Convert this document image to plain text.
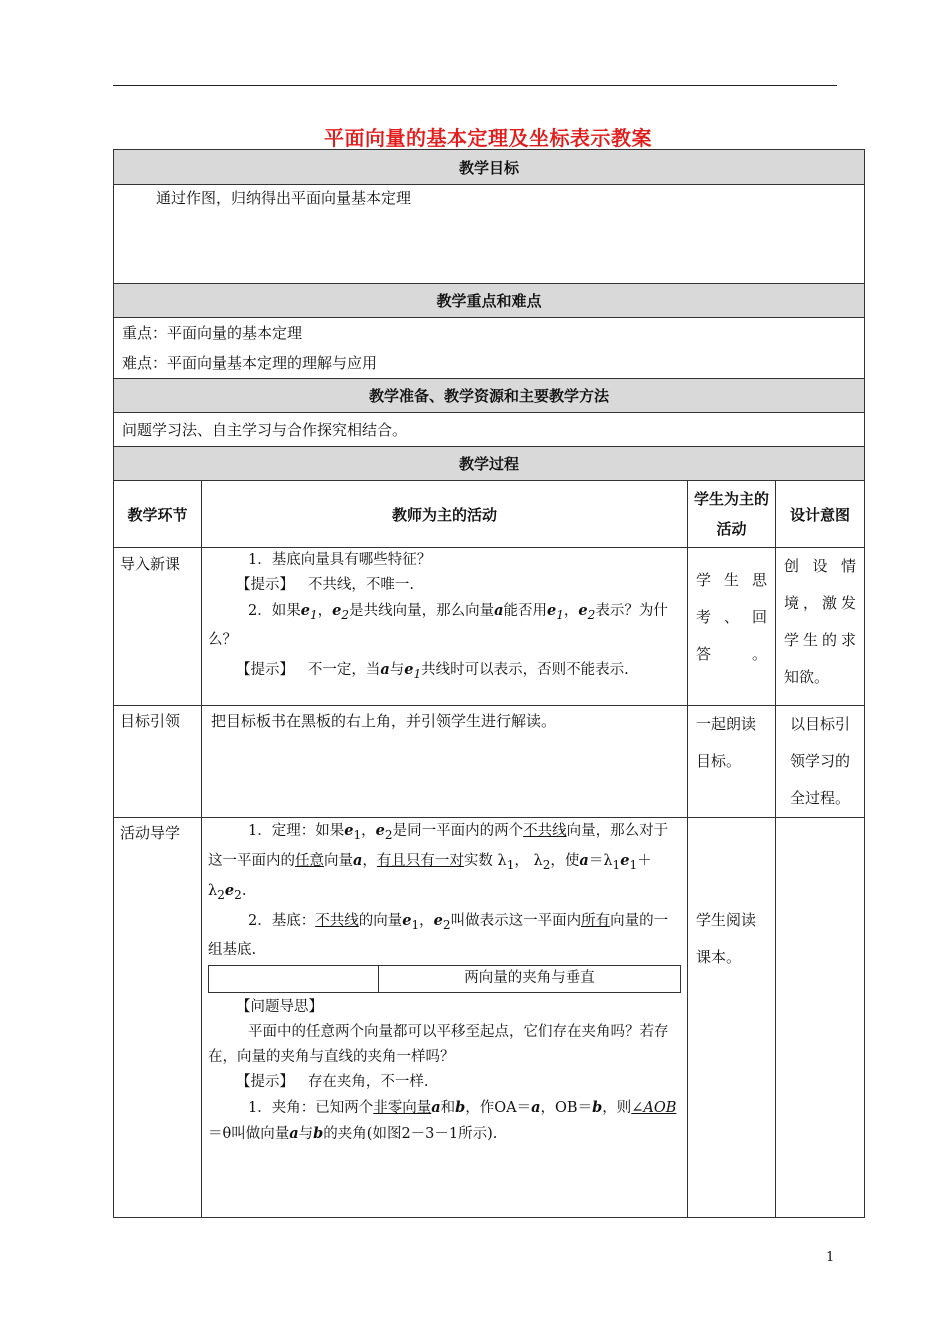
平面向量的基本定理及坐标表示教案
教学目标

通过作图，归纳得出平面向量基本定理

教学重点和难点

重点：平面向量的基本定理

难点：平面向量基本定理的理解与应用

教学准备、教学资源和主要教学方法

问题学习法、自主学习与合作探究相结合。

教学过程
教学环节	教师为主的活动	学生为主的活动	设计意图
导入新课	1．基底向量具有哪些特征？

【提示】 不共线，不唯一.

2．如果$e_1$，$e_2$是共线向量，那么向量a能否用$e_1$，$e_2$表示？为什么？

【提示】 不一定，当a与$e_1$共线时可以表示，否则不能表示.

	学生思考、回答。	创设情境，激发学生的求知欲。
目标引领	把目标板书在黑板的右上角，并引领学生进行解读。	一起朗读目标。	以目标引领学习的全过程。
活动导学	1．定理：如果$e_1$，$e_2$是同一平面内的两个不共线向量，那么对于这一平面内的任意向量a，有且只有一对实数 $\lambda_1$， $\lambda_2$，使$a=\lambda_1e_1+\lambda_2e_2$.

2．基底：不共线的向量$e_1$，$e_2$叫做表示这一平面内所有向量的一组基底.

	两向量的夹角与垂直

【问题导思】

平面中的任意两个向量都可以平移至起点，它们存在夹角吗？若存在，向量的夹角与直线的夹角一样吗？

【提示】 存在夹角，不一样.

1．夹角：已知两个非零向量a和b，作OA＝a，OB＝b，则∠AOB＝θ叫做向量a与b的夹角(如图2－3－1所示).

	学生阅读课本。	
1
